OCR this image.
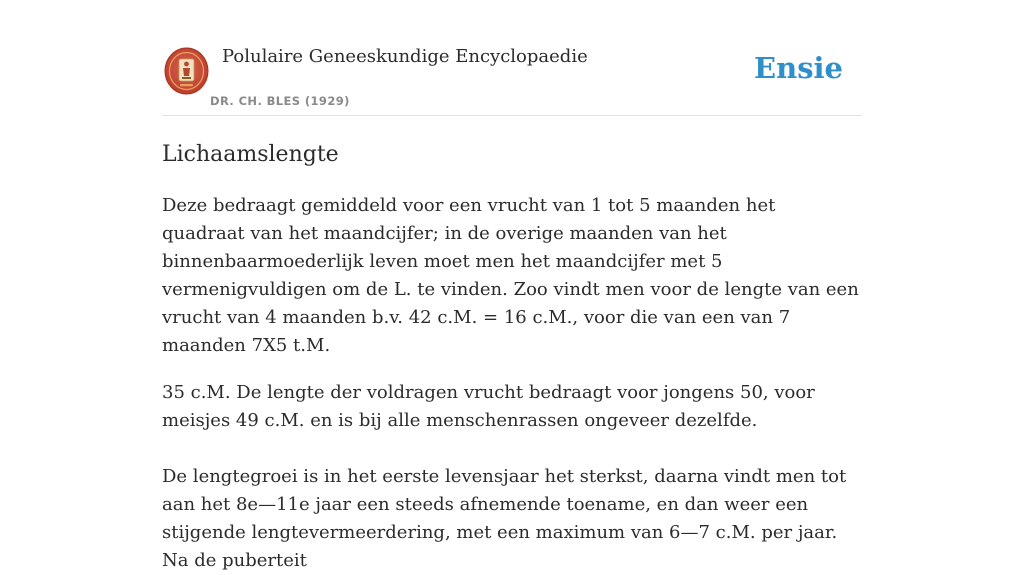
Polulaire Geneeskundige Encyclopaedie
DR. CH. BLES (1929)
Ensie
Lichaamslengte

Deze bedraagt gemiddeld voor een vrucht van 1 tot 5 maanden het quadraat van het maandcijfer; in de overige maanden van het binnenbaarmoederlijk leven moet men het maandcijfer met 5 vermenigvuldigen om de L. te vinden. Zoo vindt men voor de lengte van een vrucht van 4 maanden b.v. 42 c.M. = 16 c.M., voor die van een van 7 maanden 7X5 t.M.

35 c.M. De lengte der voldragen vrucht bedraagt voor jongens 50, voor meisjes 49 c.M. en is bij alle menschenrassen ongeveer dezelfde.

De lengtegroei is in het eerste levensjaar het sterkst, daarna vindt men tot aan het 8e—11e jaar een steeds afnemende toename, en dan weer een stijgende lengtevermeerdering, met een maximum van 6—7 c.M. per jaar. Na de puberteit
